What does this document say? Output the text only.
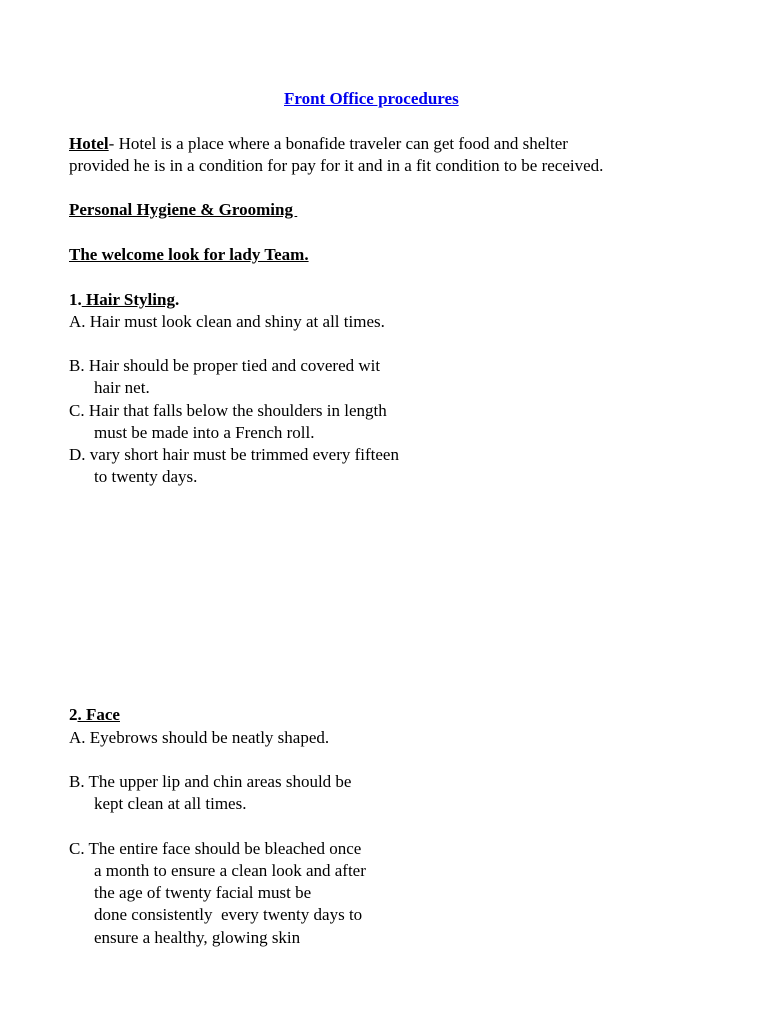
Front Office procedures
Hotel- Hotel is a place where a bonafide traveler can get food and shelter
provided he is in a condition for pay for it and in a fit condition to be received.
Personal Hygiene & Grooming
The welcome look for lady Team.
1. Hair Styling.
A. Hair must look clean and shiny at all times.
B. Hair should be proper tied and covered wit
hair net.
C. Hair that falls below the shoulders in length
must be made into a French roll.
D. vary short hair must be trimmed every fifteen
to twenty days.
2. Face
A. Eyebrows should be neatly shaped.
B. The upper lip and chin areas should be
kept clean at all times.
C. The entire face should be bleached once
a month to ensure a clean look and after
the age of twenty facial must be
done consistently  every twenty days to
ensure a healthy, glowing skin
